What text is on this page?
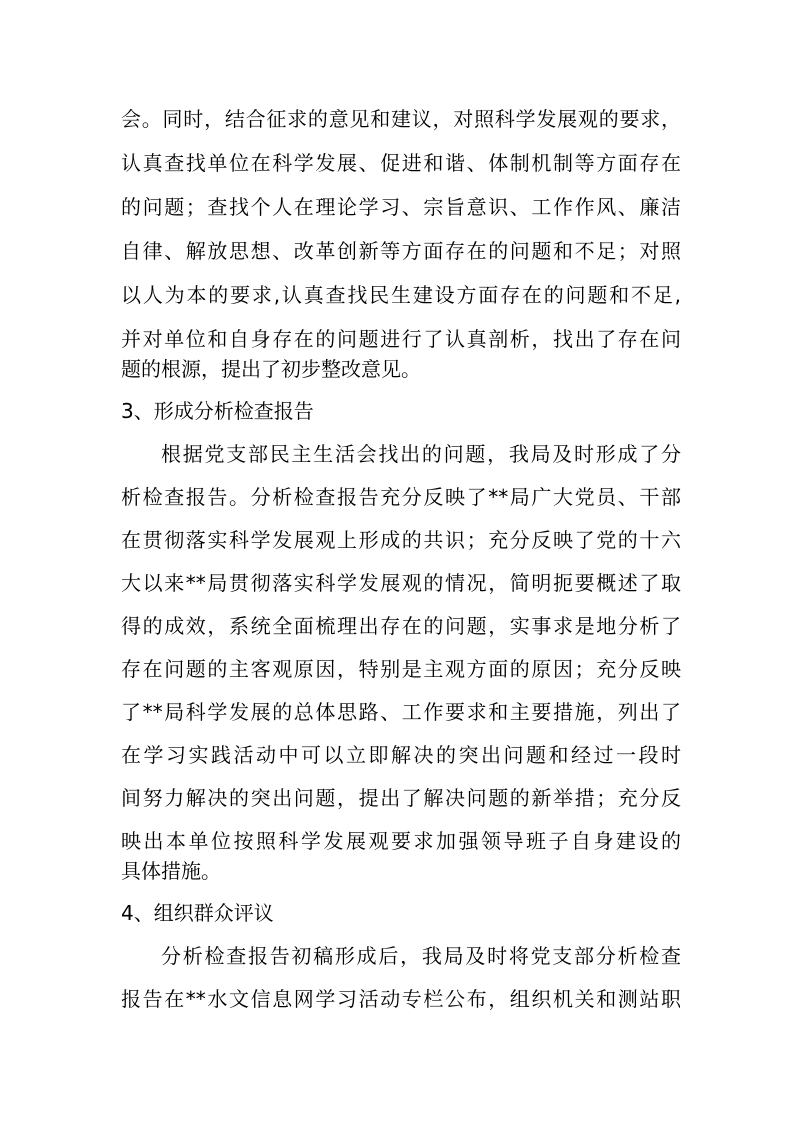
会。同时，结合征求的意见和建议，对照科学发展观的要求，
认真查找单位在科学发展、促进和谐、体制机制等方面存在
的问题；查找个人在理论学习、宗旨意识、工作作风、廉洁
自律、解放思想、改革创新等方面存在的问题和不足；对照
以人为本的要求,认真查找民生建设方面存在的问题和不足,
并对单位和自身存在的问题进行了认真剖析，找出了存在问
题的根源，提出了初步整改意见。
3、形成分析检查报告
根据党支部民主生活会找出的问题，我局及时形成了分
析检查报告。分析检查报告充分反映了**局广大党员、干部
在贯彻落实科学发展观上形成的共识；充分反映了党的十六
大以来**局贯彻落实科学发展观的情况，简明扼要概述了取
得的成效，系统全面梳理出存在的问题，实事求是地分析了
存在问题的主客观原因，特别是主观方面的原因；充分反映
了**局科学发展的总体思路、工作要求和主要措施，列出了
在学习实践活动中可以立即解决的突出问题和经过一段时
间努力解决的突出问题，提出了解决问题的新举措；充分反
映出本单位按照科学发展观要求加强领导班子自身建设的
具体措施。
4、组织群众评议
分析检查报告初稿形成后，我局及时将党支部分析检查
报告在**水文信息网学习活动专栏公布，组织机关和测站职
